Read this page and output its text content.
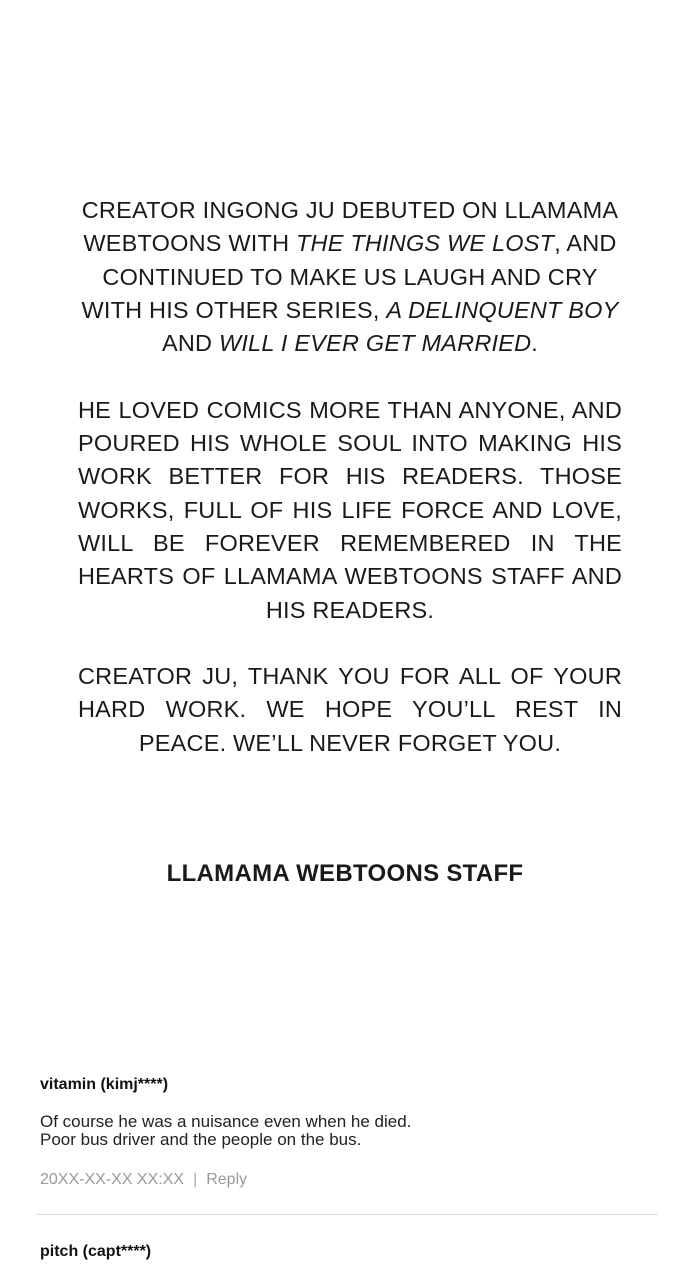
CREATOR INGONG JU DEBUTED ON LLAMAMA WEBTOONS WITH THE THINGS WE LOST, AND CONTINUED TO MAKE US LAUGH AND CRY WITH HIS OTHER SERIES, A DELINQUENT BOY AND WILL I EVER GET MARRIED.

HE LOVED COMICS MORE THAN ANYONE, AND POURED HIS WHOLE SOUL INTO MAKING HIS WORK BETTER FOR HIS READERS. THOSE WORKS, FULL OF HIS LIFE FORCE AND LOVE, WILL BE FOREVER REMEMBERED IN THE HEARTS OF LLAMAMA WEBTOONS STAFF AND HIS READERS.

CREATOR JU, THANK YOU FOR ALL OF YOUR HARD WORK. WE HOPE YOU’LL REST IN PEACE. WE’LL NEVER FORGET YOU.

LLAMAMA WEBTOONS STAFF
vitamin (kimj****)
Of course he was a nuisance even when he died.
Poor bus driver and the people on the bus.
20XX-XX-XX XX:XX | Reply
pitch (capt****)
